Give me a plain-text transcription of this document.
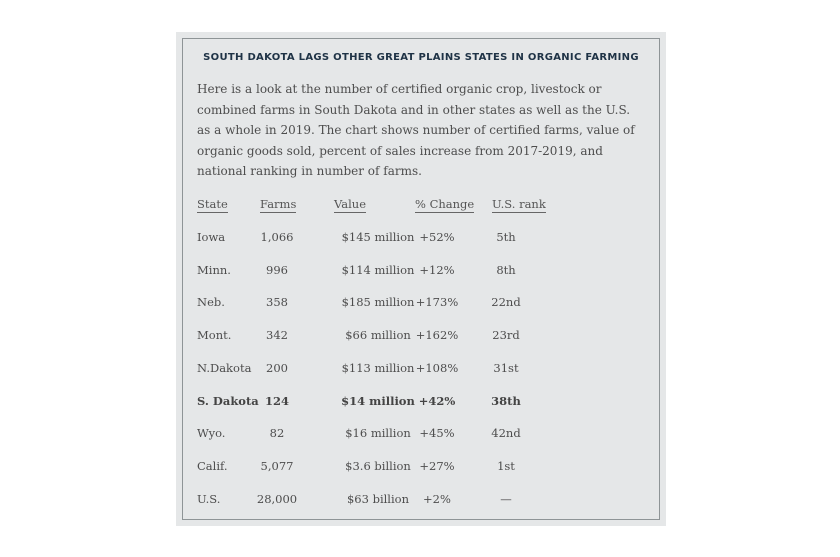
SOUTH DAKOTA LAGS OTHER GREAT PLAINS STATES IN ORGANIC FARMING
Here is a look at the number of certified organic crop, livestock or combined farms in South Dakota and in other states as well as the U.S. as a whole in 2019. The chart shows number of certified farms, value of organic goods sold, percent of sales increase from 2017-2019, and national ranking in number of farms.
State	Farms	Value	% Change U.S. rank
Iowa	1,066	$145 million +52%	5th
Minn.	996	$114 million +12%	8th
Neb.	358	$185 million +173%	22nd
Mont.	342	$66 million +162%	23rd
N.Dakota 200	$113 million +108%	31st
S. Dakota 124	$14 million +42%	38th
Wyo.	82	$16 million +45%	42nd
Calif.	5,077	$3.6 billion +27%	1st
U.S.	28,000	$63 billion +2%	—
